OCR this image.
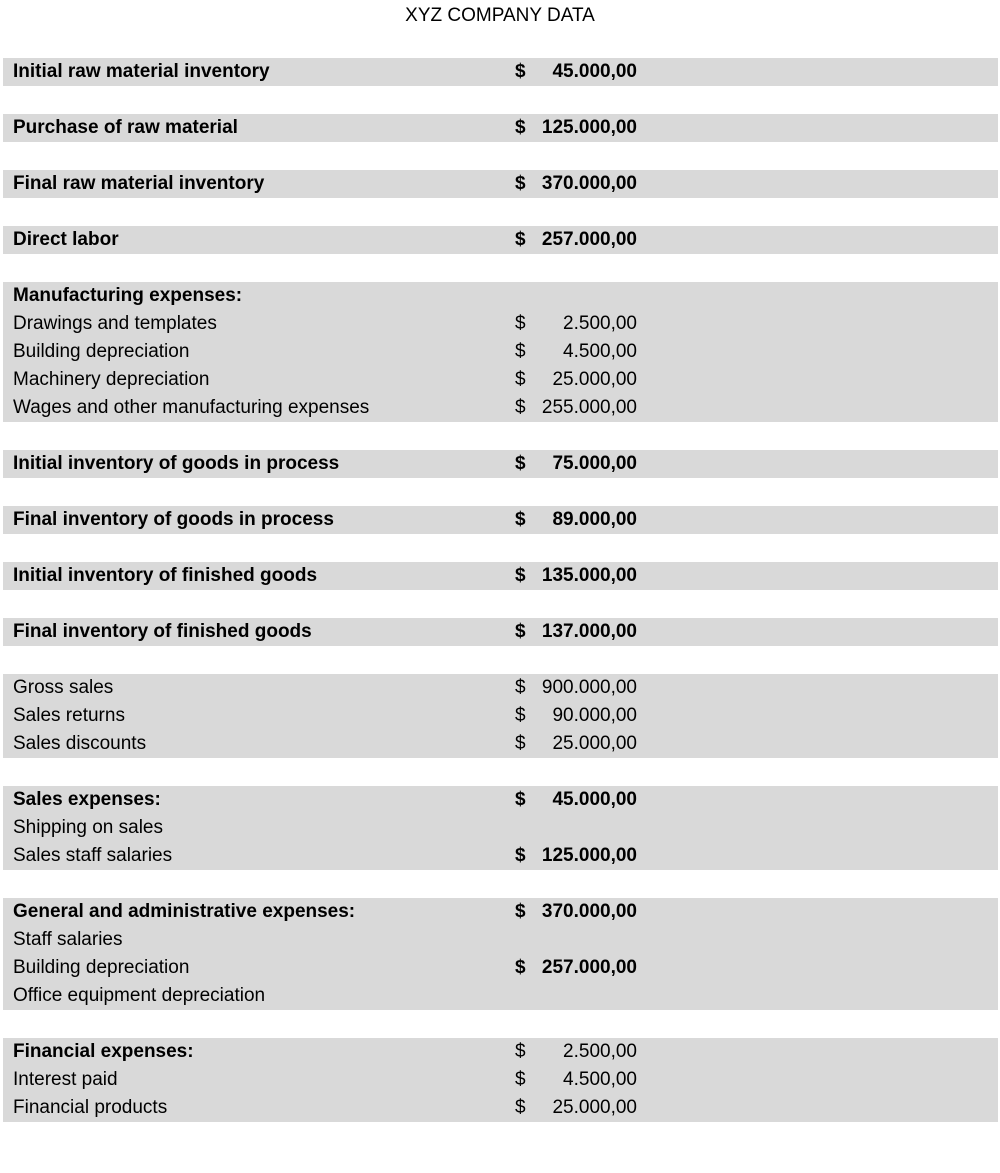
XYZ COMPANY DATA
Initial raw material inventory	$ 45.000,00
Purchase of raw material	$ 125.000,00
Final raw material inventory	$ 370.000,00
Direct labor	$ 257.000,00
Manufacturing expenses:
Drawings and templates	$ 2.500,00
Building depreciation	$ 4.500,00
Machinery depreciation	$ 25.000,00
Wages and other manufacturing expenses	$ 255.000,00
Initial inventory of goods in process	$ 75.000,00
Final inventory of goods in process	$ 89.000,00
Initial inventory of finished goods	$ 135.000,00
Final inventory of finished goods	$ 137.000,00
Gross sales	$ 900.000,00
Sales returns	$ 90.000,00
Sales discounts	$ 25.000,00
Sales expenses:	$ 45.000,00
Shipping on sales
Sales staff salaries	$ 125.000,00
General and administrative expenses:	$ 370.000,00
Staff salaries
Building depreciation	$ 257.000,00
Office equipment depreciation
Financial expenses:	$ 2.500,00
Interest paid	$ 4.500,00
Financial products	$ 25.000,00
